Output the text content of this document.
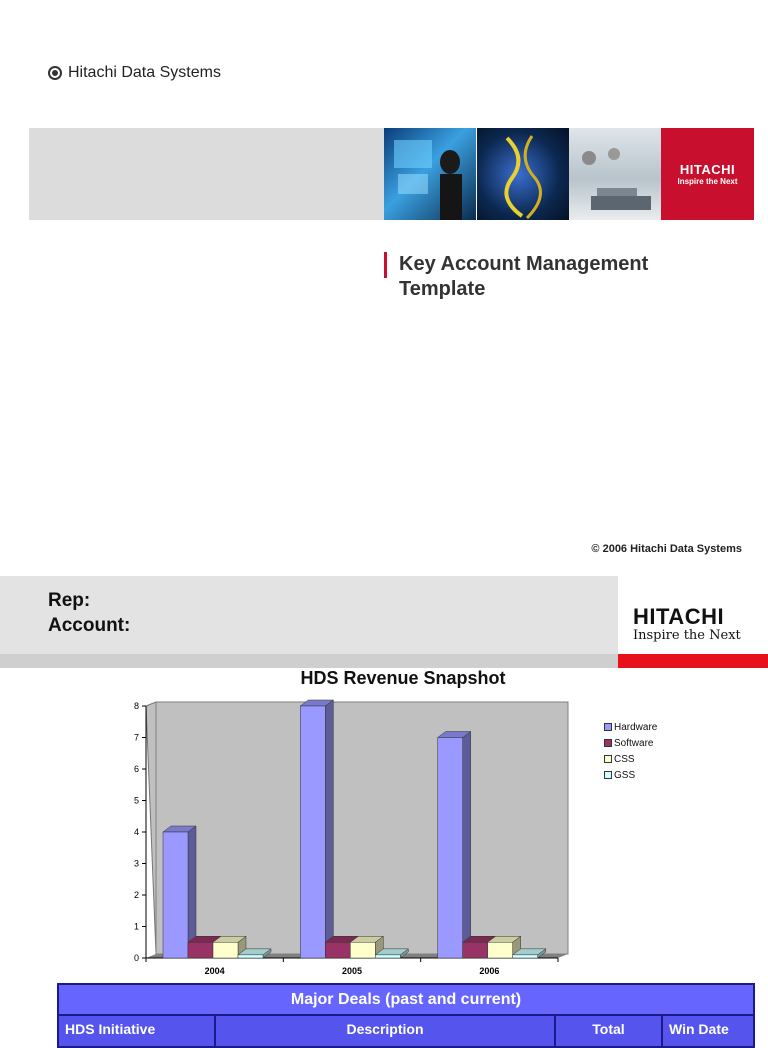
Hitachi Data Systems
HITACHI
Inspire the Next
Key Account Management
Template
© 2006 Hitachi Data Systems
Rep:
Account:	HITACHI
Inspire the Next
HDS Revenue Snapshot
0
1
2
3
4
5
6
7
8
2004	2005	2006
Hardware
Software
CSS
GSS
Major Deals (past and current)
HDS Initiative	Description	Total	Win Date
